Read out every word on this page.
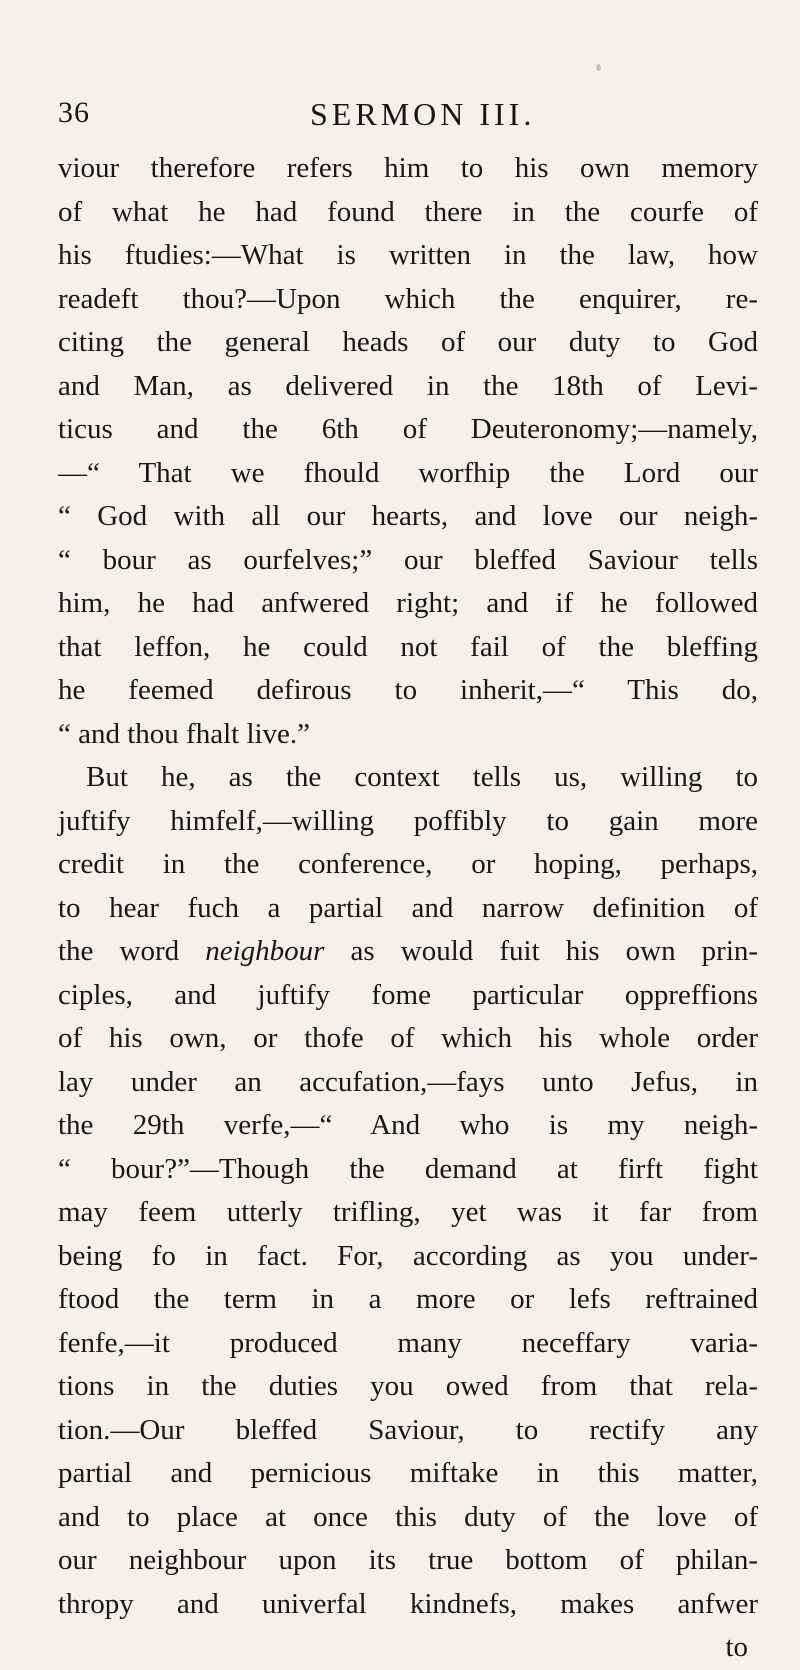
36	SERMON III.
viour therefore refers him to his own memory
of what he had found there in the courfe of
his ftudies:—What is written in the law, how
readeft thou?—Upon which the enquirer, re-
citing the general heads of our duty to God
and Man, as delivered in the 18th of Levi-
ticus and the 6th of Deuteronomy;—namely,
—“ That we fhould worfhip the Lord our
“ God with all our hearts, and love our neigh-
“ bour as ourfelves;” our bleffed Saviour tells
him, he had anfwered right; and if he followed
that leffon, he could not fail of the bleffing
he feemed defirous to inherit,—“ This do,
“ and thou fhalt live.”
But he, as the context tells us, willing to
juftify himfelf,—willing poffibly to gain more
credit in the conference, or hoping, perhaps,
to hear fuch a partial and narrow definition of
the word neighbour as would fuit his own prin-
ciples, and juftify fome particular oppreffions
of his own, or thofe of which his whole order
lay under an accufation,—fays unto Jefus, in
the 29th verfe,—“ And who is my neigh-
“ bour?”—Though the demand at firft fight
may feem utterly trifling, yet was it far from
being fo in fact. For, according as you under-
ftood the term in a more or lefs reftrained
fenfe,—it produced many neceffary varia-
tions in the duties you owed from that rela-
tion.—Our bleffed Saviour, to rectify any
partial and pernicious miftake in this matter,
and to place at once this duty of the love of
our neighbour upon its true bottom of philan-
thropy and univerfal kindnefs, makes anfwer
to
